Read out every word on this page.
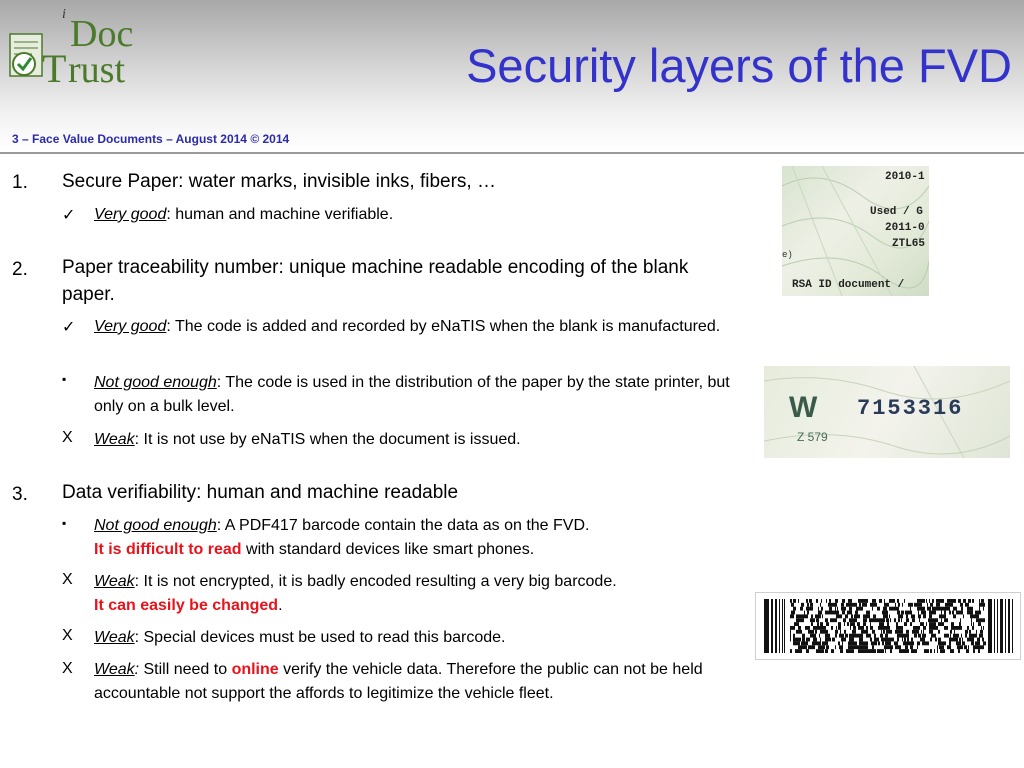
i Doc
T rust	Security layers of the FVD
3 – Face Value Documents – August 2014 © 2014
1. Secure Paper: water marks, invisible inks, fibers, …
✓ Very good: human and machine verifiable.
2. Paper traceability number: unique machine readable encoding of the blank paper.
✓ Very good: The code is added and recorded by eNaTIS when the blank is manufactured.
▪ Not good enough: The code is used in the distribution of the paper by the state printer, but only on a bulk level.
X Weak: It is not use by eNaTIS when the document is issued.
3. Data verifiability: human and machine readable
▪ Not good enough: A PDF417 barcode contain the data as on the FVD.
It is difficult to read with standard devices like smart phones.
X Weak: It is not encrypted, it is badly encoded resulting a very big barcode.
It can easily be changed.
X Weak: Special devices must be used to read this barcode.
X Weak: Still need to online verify the vehicle data. Therefore the public can not be held accountable not support the affords to legitimize the vehicle fleet.
2010-1
Used / G
2011-0
ZTL65
e)
RSA ID document /
W 7153316
Z 579
